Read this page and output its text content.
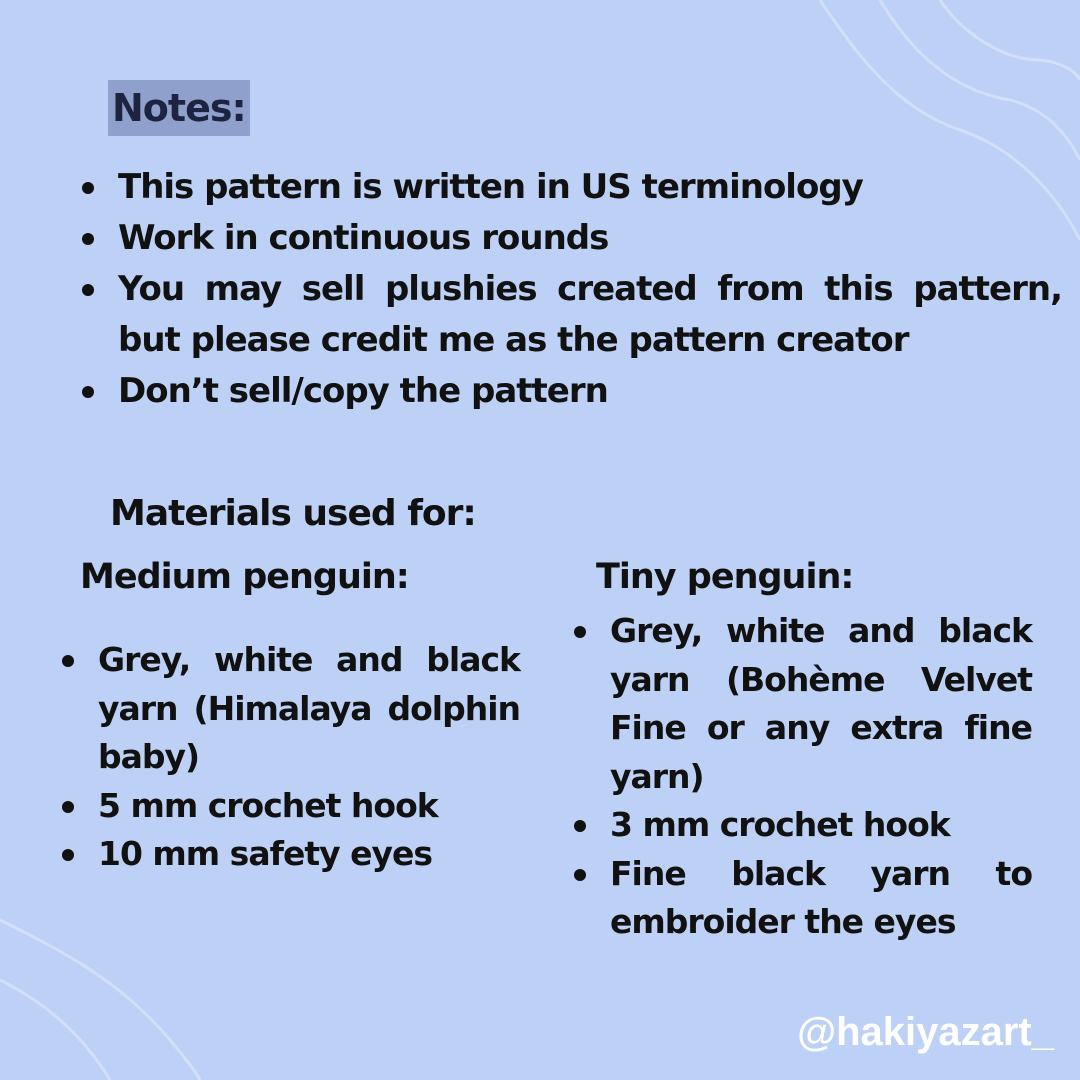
Notes:
This pattern is written in US terminology
Work in continuous rounds
You may sell plushies created from this pattern, but please credit me as the pattern creator
Don’t sell/copy the pattern
Materials used for:
Medium penguin:	Tiny penguin:
Grey, white and black yarn (Himalaya dolphin baby)
5 mm crochet hook
10 mm safety eyes
Grey, white and black yarn (Bohème Velvet Fine or any extra fine yarn)
3 mm crochet hook
Fine black yarn to embroider the eyes
@hakiyazart_
